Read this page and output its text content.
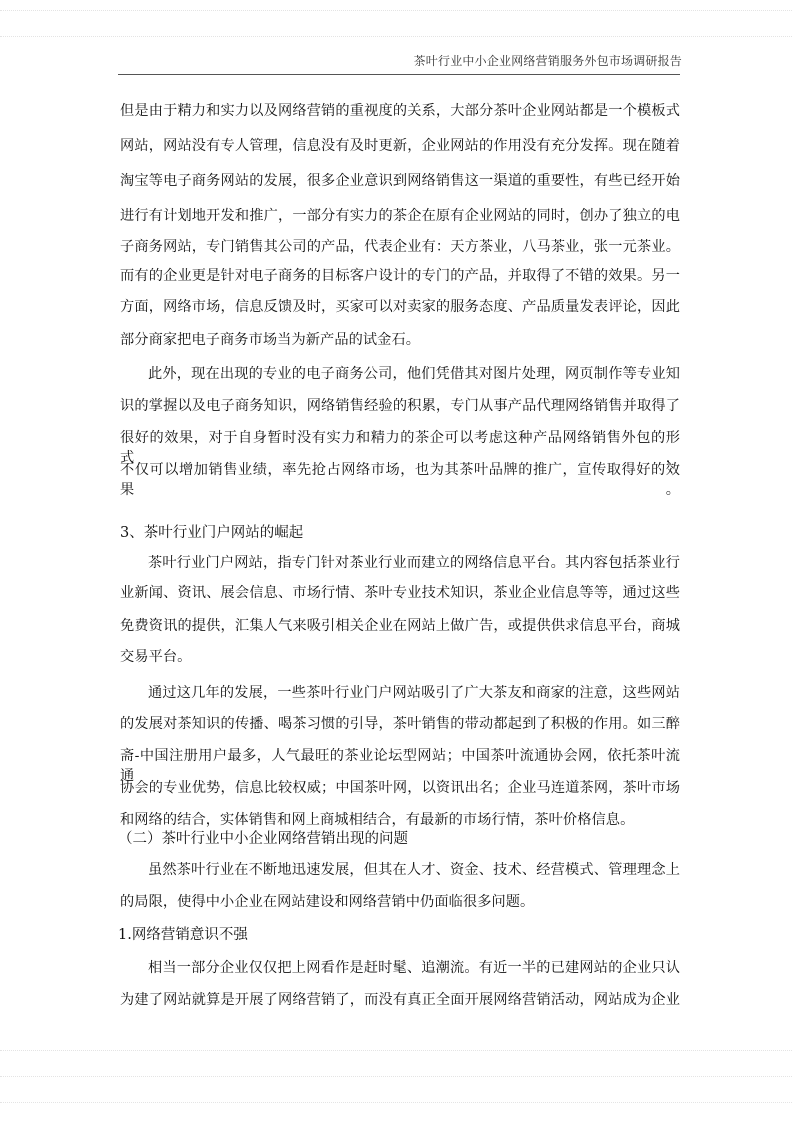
茶叶行业中小企业网络营销服务外包市场调研报告
但是由于精力和实力以及网络营销的重视度的关系，大部分茶叶企业网站都是一个模板式
网站，网站没有专人管理，信息没有及时更新，企业网站的作用没有充分发挥。现在随着
淘宝等电子商务网站的发展，很多企业意识到网络销售这一渠道的重要性，有些已经开始
进行有计划地开发和推广，一部分有实力的茶企在原有企业网站的同时，创办了独立的电
子商务网站，专门销售其公司的产品，代表企业有：天方茶业，八马茶业，张一元茶业。
而有的企业更是针对电子商务的目标客户设计的专门的产品，并取得了不错的效果。另一
方面，网络市场，信息反馈及时，买家可以对卖家的服务态度、产品质量发表评论，因此
部分商家把电子商务市场当为新产品的试金石。
此外，现在出现的专业的电子商务公司，他们凭借其对图片处理，网页制作等专业知
识的掌握以及电子商务知识，网络销售经验的积累，专门从事产品代理网络销售并取得了
很好的效果，对于自身暂时没有实力和精力的茶企可以考虑这种产品网络销售外包的形式，
不仅可以增加销售业绩，率先抢占网络市场，也为其茶叶品牌的推广，宣传取得好的效果。
3、茶叶行业门户网站的崛起
茶叶行业门户网站，指专门针对茶业行业而建立的网络信息平台。其内容包括茶业行
业新闻、资讯、展会信息、市场行情、茶叶专业技术知识，茶业企业信息等等，通过这些
免费资讯的提供，汇集人气来吸引相关企业在网站上做广告，或提供供求信息平台，商城
交易平台。
通过这几年的发展，一些茶叶行业门户网站吸引了广大茶友和商家的注意，这些网站
的发展对茶知识的传播、喝茶习惯的引导，茶叶销售的带动都起到了积极的作用。如三醉
斋-中国注册用户最多，人气最旺的茶业论坛型网站；中国茶叶流通协会网，依托茶叶流通
协会的专业优势，信息比较权威；中国茶叶网，以资讯出名；企业马连道茶网，茶叶市场
和网络的结合，实体销售和网上商城相结合，有最新的市场行情，茶叶价格信息。
（二）茶叶行业中小企业网络营销出现的问题
虽然茶叶行业在不断地迅速发展，但其在人才、资金、技术、经营模式、管理理念上
的局限，使得中小企业在网站建设和网络营销中仍面临很多问题。
1.网络营销意识不强
相当一部分企业仅仅把上网看作是赶时髦、追潮流。有近一半的已建网站的企业只认
为建了网站就算是开展了网络营销了，而没有真正全面开展网络营销活动，网站成为企业
